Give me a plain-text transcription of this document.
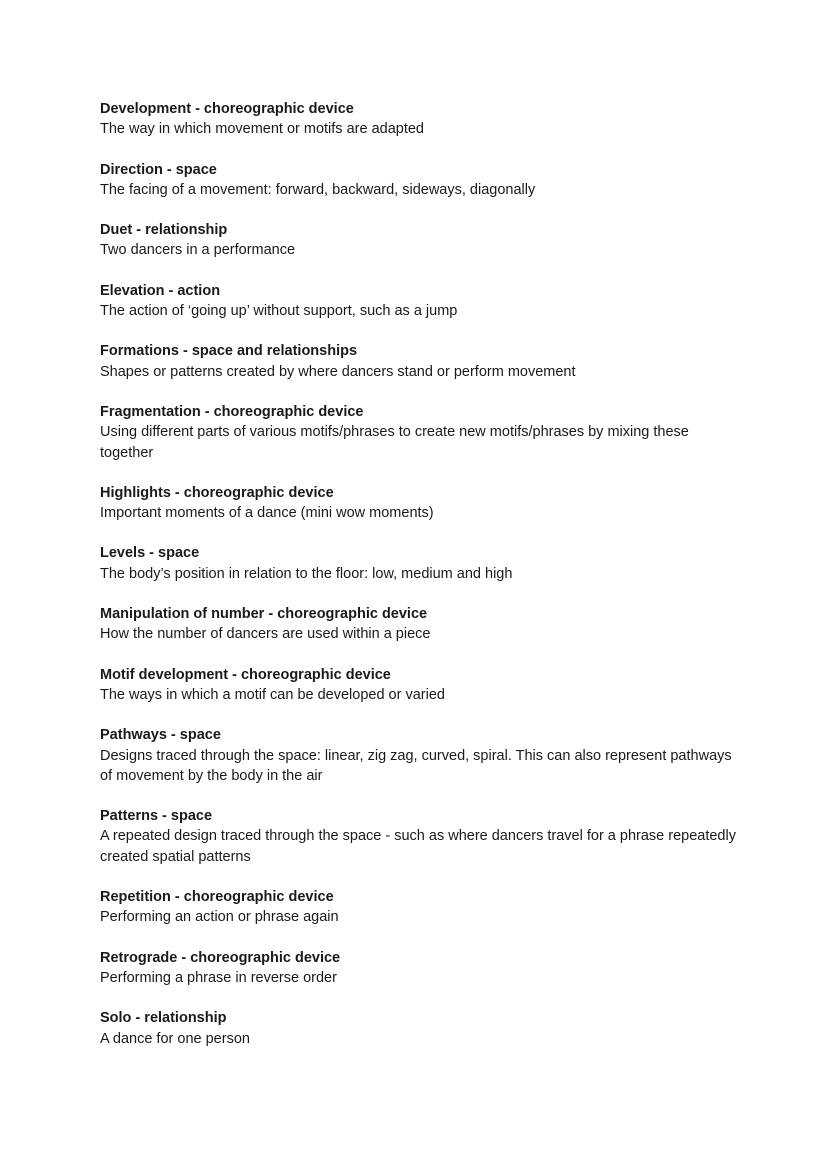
Development - choreographic device

The way in which movement or motifs are adapted

Direction - space

The facing of a movement: forward, backward, sideways, diagonally

Duet - relationship

Two dancers in a performance

Elevation - action

The action of ‘going up’ without support, such as a jump

Formations - space and relationships

Shapes or patterns created by where dancers stand or perform movement

Fragmentation - choreographic device

Using different parts of various motifs/phrases to create new motifs/phrases by mixing these together

Highlights - choreographic device

Important moments of a dance (mini wow moments)

Levels - space

The body’s position in relation to the floor: low, medium and high

Manipulation of number - choreographic device

How the number of dancers are used within a piece

Motif development - choreographic device

The ways in which a motif can be developed or varied

Pathways - space

Designs traced through the space: linear, zig zag, curved, spiral. This can also represent pathways of movement by the body in the air

Patterns - space

A repeated design traced through the space - such as where dancers travel for a phrase repeatedly created spatial patterns

Repetition - choreographic device

Performing an action or phrase again

Retrograde - choreographic device

Performing a phrase in reverse order

Solo - relationship

A dance for one person
